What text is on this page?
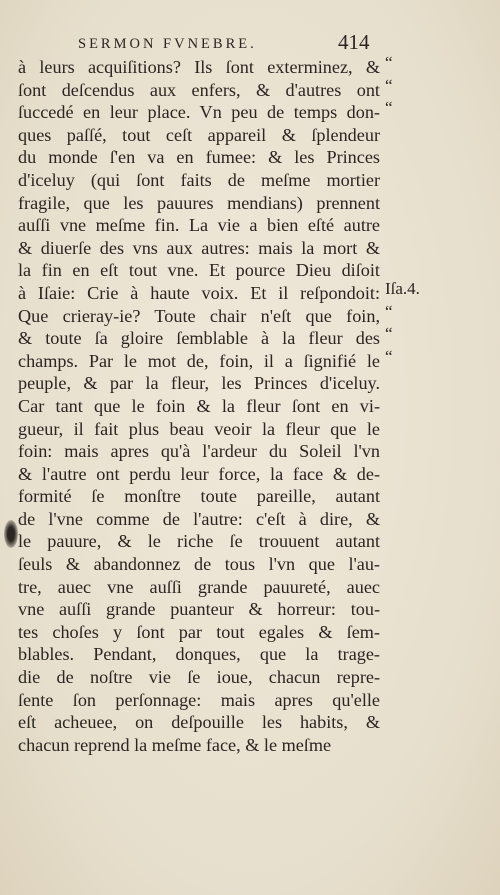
SERMON FVNEBRE.	414
à leurs acquiſitions? Ils ſont exterminez, &
ſont deſcendus aux enfers, & d'autres ont
ſuccedé en leur place. Vn peu de temps don-
ques paſſé, tout ceſt appareil & ſplendeur
du monde ſ'en va en fumee: & les Princes
d'iceluy (qui ſont faits de meſme mortier
fragile, que les pauures mendians) prennent
auſſi vne meſme fin. La vie a bien eſté autre
& diuerſe des vns aux autres: mais la mort &
la fin en eſt tout vne. Et pource Dieu diſoit
à Iſaie: Crie à haute voix. Et il reſpondoit:
Que crieray-ie? Toute chair n'eſt que foin,
& toute ſa gloire ſemblable à la fleur des
champs. Par le mot de, foin, il a ſignifié le
peuple, & par la fleur, les Princes d'iceluy.
Car tant que le foin & la fleur ſont en vi-
gueur, il fait plus beau veoir la fleur que le
foin: mais apres qu'à l'ardeur du Soleil l'vn
& l'autre ont perdu leur force, la face & de-
formité ſe monſtre toute pareille, autant
de l'vne comme de l'autre: c'eſt à dire, &
le pauure, & le riche ſe trouuent autant
ſeuls & abandonnez de tous l'vn que l'au-
tre, auec vne auſſi grande pauureté, auec
vne auſſi grande puanteur & horreur: tou-
tes choſes y ſont par tout egales & ſem-
blables. Pendant, donques, que la trage-
die de noſtre vie ſe ioue, chacun repre-
ſente ſon perſonnage: mais apres qu'elle
eſt acheuee, on deſpouille les habits, &
chacun reprend la meſme face, & le meſme
“
“
“
Iſa.4.
“
“
“
